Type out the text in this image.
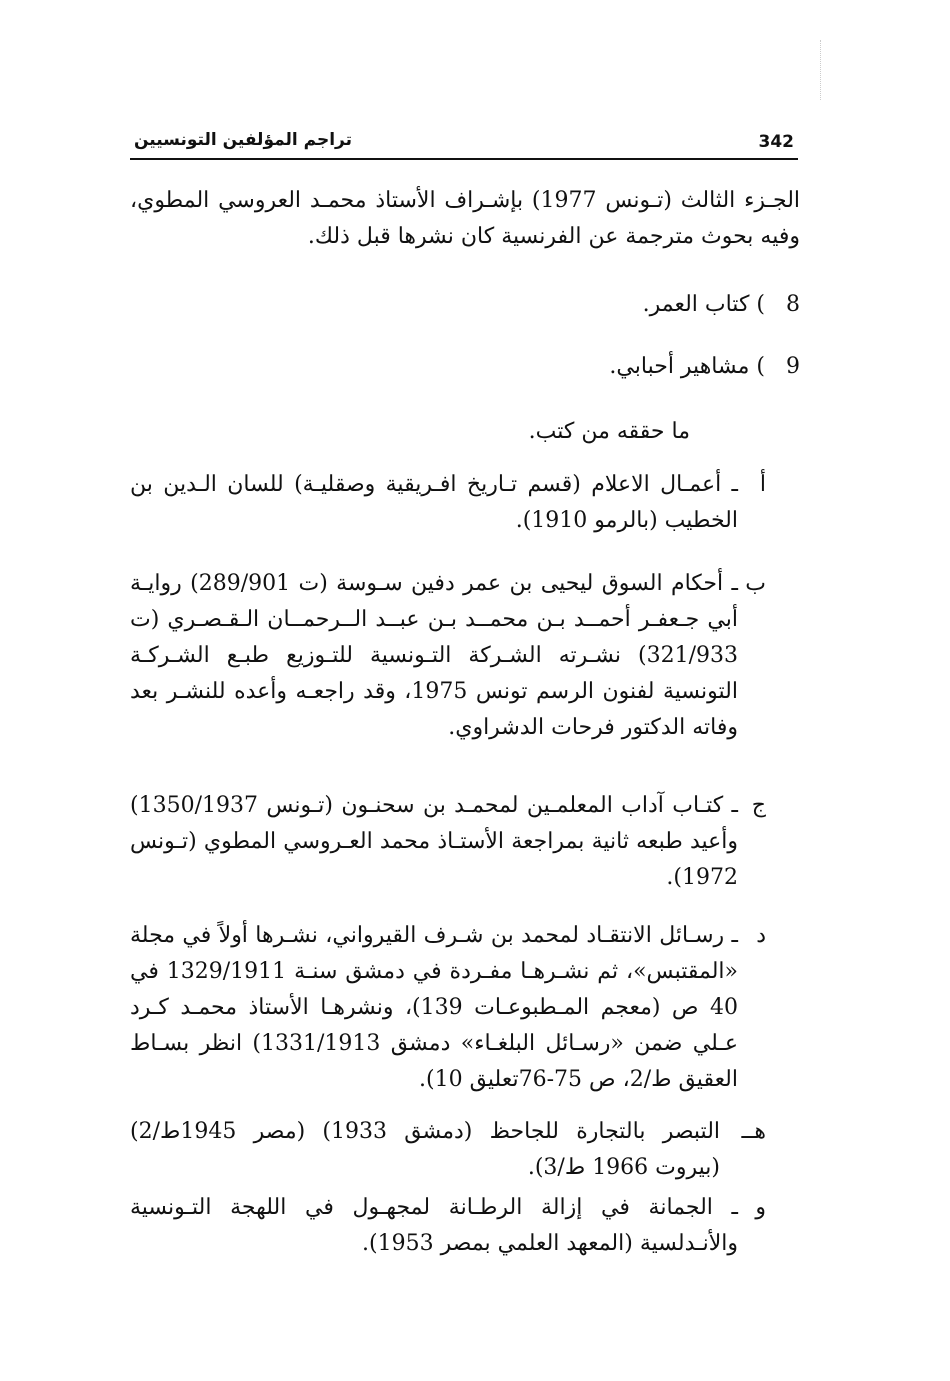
342
تراجم المؤلفين التونسيين
الجـزء الثالث (تـونس 1977) بإشـراف الأستاذ محمـد العروسي المطوي، وفيه بحوث مترجمة عن الفرنسية كان نشرها قبل ذلك.
8
) كتاب العمر.
9
) مشاهير أحبابي.
ما حققه من كتب.
أ
ـ أعمـال الاعلام (قسم تـاريخ افـريقية وصقليـة) للسان الـدين بن الخطيب (بالرمو 1910).
ب
ـ أحكام السوق ليحيى بن عمر دفين سـوسة (ت 289/901) روايـة أبي جـعفـر أحمــد بـن محمــد بـن عبــد الــرحمــان الـقـصـري (ت 321/933) نشـرته الشـركة التـونسية للتـوزيع طبـع الشـركـة التونسية لفنون الرسم تونس 1975، وقد راجعـه وأعده للنشـر بعد وفاته الدكتور فرحات الدشراوي.
ج
ـ كتـاب آداب المعلمـين لمحمـد بن سحنـون (تـونس 1350/1937) وأعيد طبعه ثانية بمراجعة الأستـاذ محمد العـروسي المطوي (تـونس 1972).
د
ـ رسـائل الانتقـاد لمحمد بن شـرف القيرواني، نشـرها أولاً في مجلة «المقتبس»، ثم نشـرهـا مفـردة في دمشق سنـة 1329/1911 في 40 ص (معجم المـطبوعـات 139)، ونشرهـا الأستاذ محمـد كـرد عـلي ضمن «رسـائل البلغـاء» دمشق 1331/1913) انظر بسـاط العقيق ط/2، ص 75-76تعليق 10).
هــ
التبصر بالتجارة للجاحظ (دمشق 1933) (مصر 1945ط/2) (بيروت 1966 ط/3).
و
ـ الجمانة في إزالة الرطـانة لمجهـول في اللهجة التـونسية والأنـدلسية (المعهد العلمي بمصر 1953).
